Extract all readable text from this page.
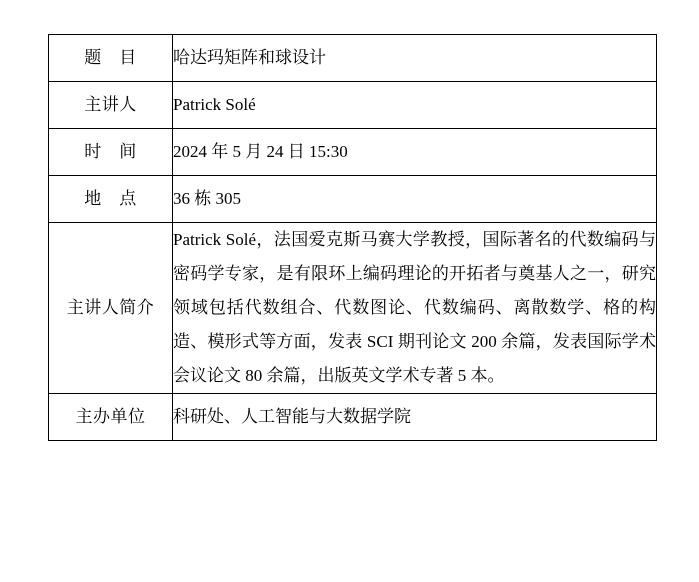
题　目	哈达玛矩阵和球设计
主讲人	Patrick Solé
时　间	2024 年 5 月 24 日 15:30
地　点	36 栋 305
主讲人简介	Patrick Solé，法国爱克斯马赛大学教授，国际著名的代数编码与密码学专家，是有限环上编码理论的开拓者与奠基人之一，研究领域包括代数组合、代数图论、代数编码、离散数学、格的构造、模形式等方面，发表 SCI 期刊论文 200 余篇，发表国际学术会议论文 80 余篇，出版英文学术专著 5 本。
主办单位	科研处、人工智能与大数据学院
